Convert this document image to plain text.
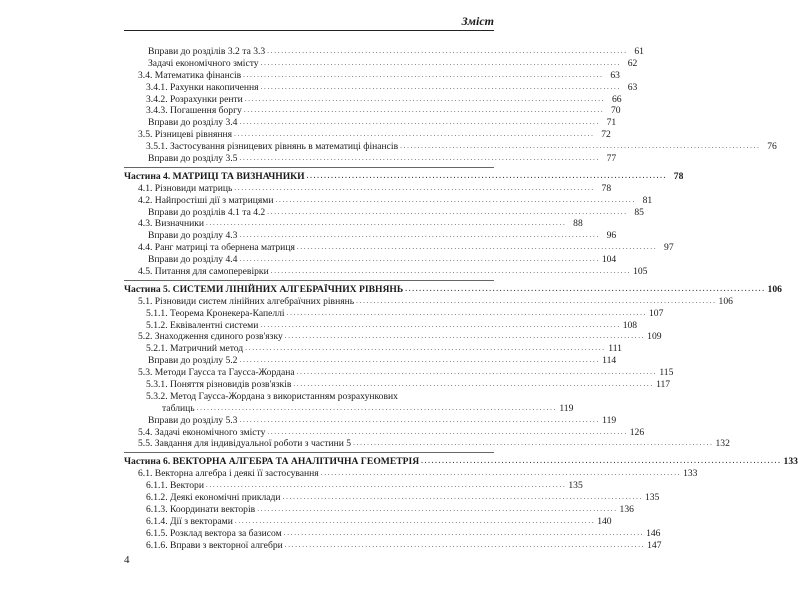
Зміст
Вправи до розділів 3.2 та 3.3 . . .	61
Задачі економічного змісту . . .	62
3.4. Математика фінансів . . .	63
3.4.1. Рахунки накопичення . . .	63
3.4.2. Розрахунки ренти . . .	66
3.4.3. Погашення боргу . . .	70
Вправи до розділу 3.4 . . .	71
3.5. Різницеві рівняння . . .	72
3.5.1. Застосування різницевих рівнянь в математиці фінансів . . .	76
Вправи до розділу 3.5 . . .	77
Частина 4. МАТРИЦІ ТА ВИЗНАЧНИКИ . . .	78
4.1. Різновиди матриць . . .	78
4.2. Найпростіші дії з матрицями . . .	81
Вправи до розділів 4.1 та 4.2 . . .	85
4.3. Визначники . . .	88
Вправи до розділу 4.3 . . .	96
4.4. Ранг матриці та обернена матриця . . .	97
Вправи до розділу 4.4 . . .	104
4.5. Питання для самоперевірки . . .	105
Частина 5. СИСТЕМИ ЛІНІЙНИХ АЛГЕБРАЇЧНИХ РІВНЯНЬ . . .	106
5.1. Різновиди систем лінійних алгебраїчних рівнянь . . .	106
5.1.1. Теорема Кронекера-Капеллі . . .	107
5.1.2. Еквівалентні системи . . .	108
5.2. Знаходження єдиного розв'язку . . .	109
5.2.1. Матричний метод . . .	111
Вправи до розділу 5.2 . . .	114
5.3. Методи Гаусса та Гаусса-Жордана . . .	115
5.3.1. Поняття різновидів розв'язків . . .	117
5.3.2. Метод Гаусса-Жордана з використанням розрахункових
таблиць . . .	119
Вправи до розділу 5.3 . . .	119
5.4. Задачі економічного змісту . . .	126
5.5. Завдання для індивідуальної роботи з частини 5 . . .	132
Частина 6. ВЕКТОРНА АЛГЕБРА ТА АНАЛІТИЧНА ГЕОМЕТРІЯ . . .	133
6.1. Векторна алгебра і деякі її застосування . . .	133
6.1.1. Вектори . . .	135
6.1.2. Деякі економічні приклади . . .	135
6.1.3. Координати векторів . . .	136
6.1.4. Дії з векторами . . .	140
6.1.5. Розклад вектора за базисом . . .	146
6.1.6. Вправи з векторної алгебри . . .	147
4
